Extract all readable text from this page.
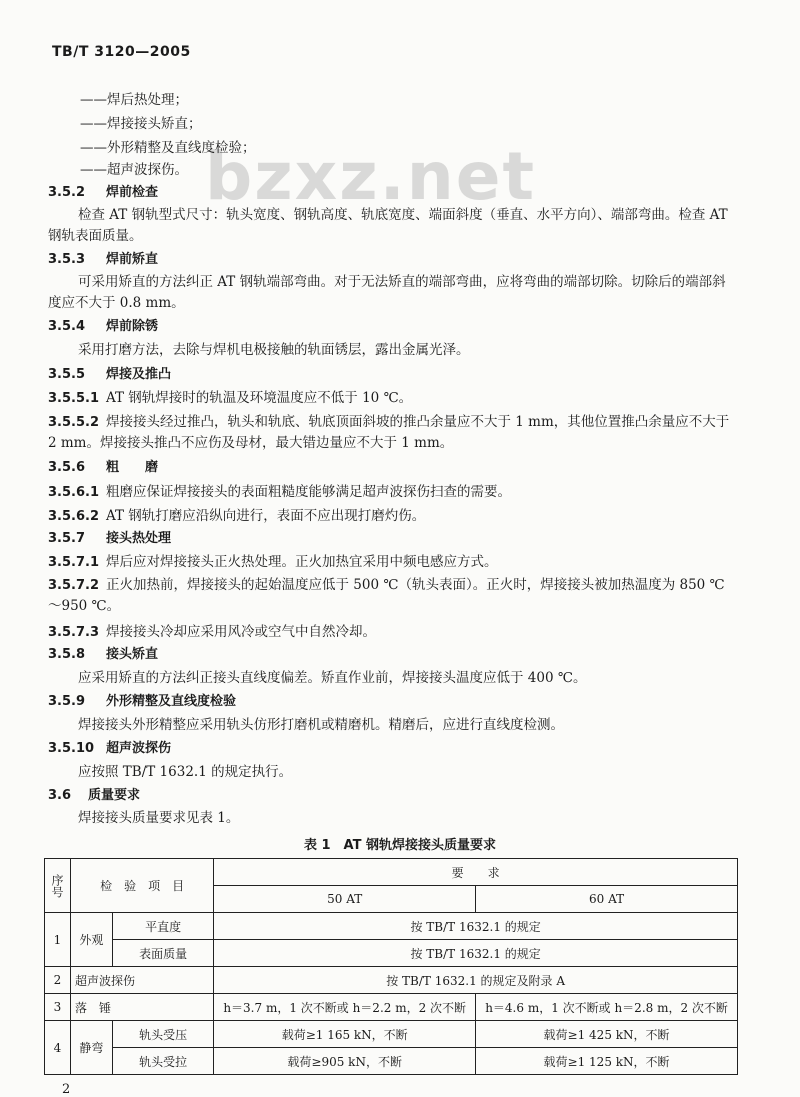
TB/T 3120—2005
bzxz.net
——焊后热处理；
——焊接接头矫直；
——外形精整及直线度检验；
——超声波探伤。
3.5.2 焊前检查
检查 AT 钢轨型式尺寸：轨头宽度、钢轨高度、轨底宽度、端面斜度（垂直、水平方向）、端部弯曲。检查 AT 钢轨表面质量。
3.5.3 焊前矫直
可采用矫直的方法纠正 AT 钢轨端部弯曲。对于无法矫直的端部弯曲，应将弯曲的端部切除。切除后的端部斜度应不大于 0.8 mm。
3.5.4 焊前除锈
采用打磨方法，去除与焊机电极接触的轨面锈层，露出金属光泽。
3.5.5 焊接及推凸
3.5.5.1 AT 钢轨焊接时的轨温及环境温度应不低于 10 ℃。
3.5.5.2 焊接接头经过推凸，轨头和轨底、轨底顶面斜坡的推凸余量应不大于 1 mm，其他位置推凸余量应不大于 2 mm。焊接接头推凸不应伤及母材，最大错边量应不大于 1 mm。
3.5.6 粗　　磨
3.5.6.1 粗磨应保证焊接接头的表面粗糙度能够满足超声波探伤扫查的需要。
3.5.6.2 AT 钢轨打磨应沿纵向进行，表面不应出现打磨灼伤。
3.5.7 接头热处理
3.5.7.1 焊后应对焊接接头正火热处理。正火加热宜采用中频电感应方式。
3.5.7.2 正火加热前，焊接接头的起始温度应低于 500 ℃（轨头表面）。正火时，焊接接头被加热温度为 850 ℃～950 ℃。
3.5.7.3 焊接接头冷却应采用风冷或空气中自然冷却。
3.5.8 接头矫直
应采用矫直的方法纠正接头直线度偏差。矫直作业前，焊接接头温度应低于 400 ℃。
3.5.9 外形精整及直线度检验
焊接接头外形精整应采用轨头仿形打磨机或精磨机。精磨后，应进行直线度检测。
3.5.10 超声波探伤
应按照 TB/T 1632.1 的规定执行。
3.6 质量要求
焊接接头质量要求见表 1。
表 1　AT 钢轨焊接接头质量要求
序号	检　验　项　目		要　　求	
			50 AT	60 AT
1	外观	平直度	按 TB/T 1632.1 的规定	
		表面质量	按 TB/T 1632.1 的规定	
2	超声波探伤		按 TB/T 1632.1 的规定及附录 A	
3	落　锤		h＝3.7 m，1 次不断或 h＝2.2 m，2 次不断	h＝4.6 m，1 次不断或 h＝2.8 m，2 次不断
4	静弯	轨头受压	载荷≥1 165 kN，不断	载荷≥1 425 kN，不断
		轨头受拉	载荷≥905 kN，不断	载荷≥1 125 kN，不断
2
